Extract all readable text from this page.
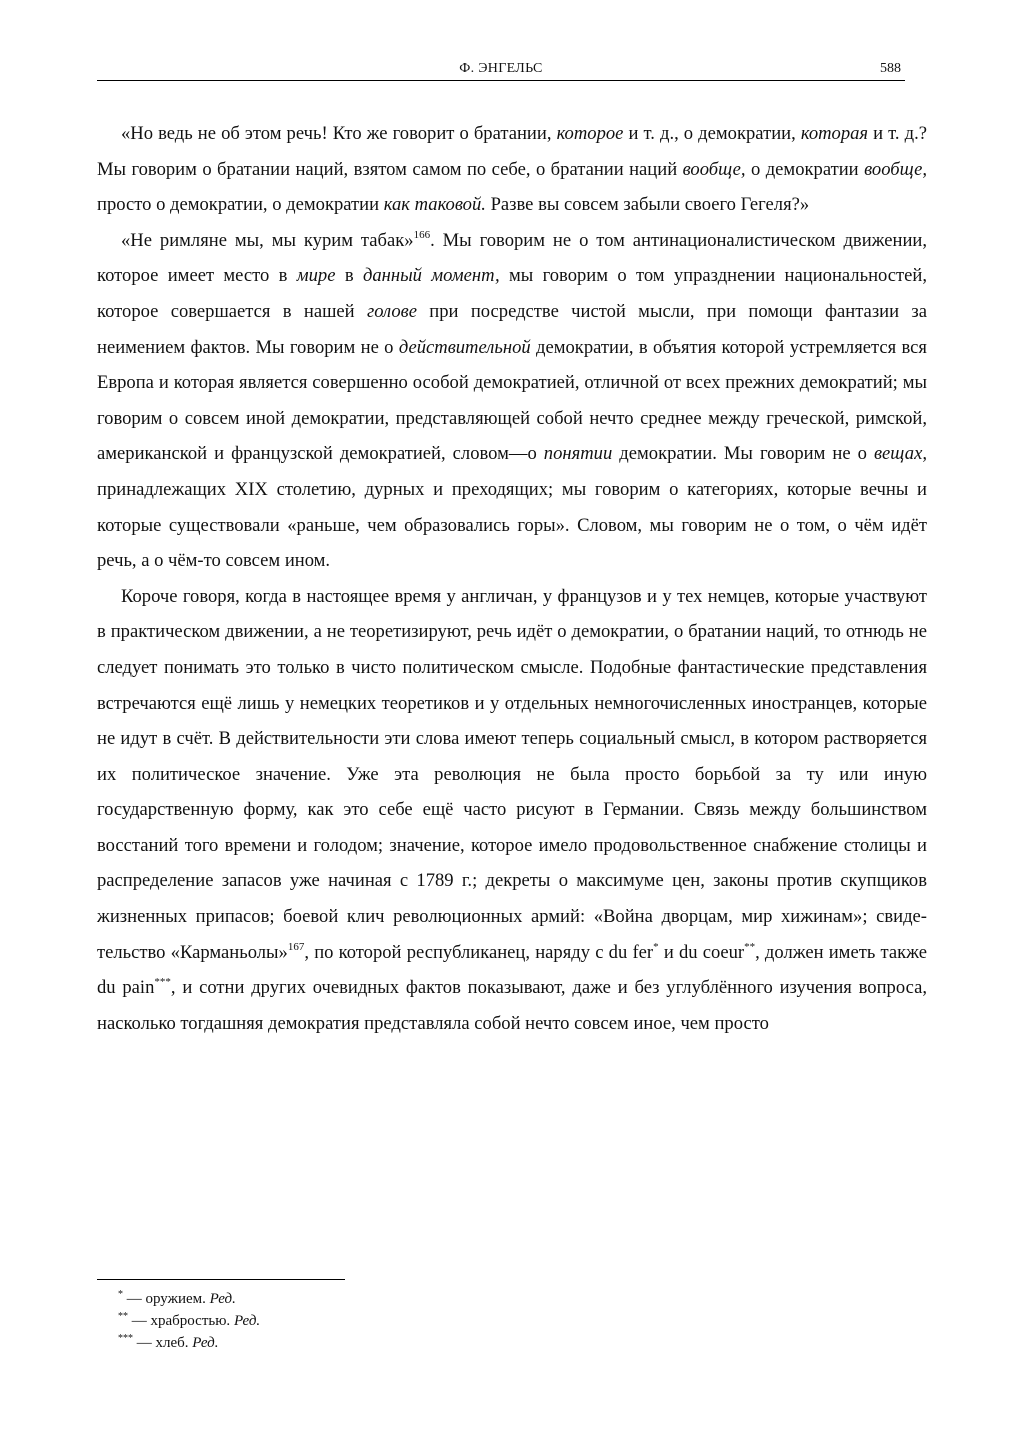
Ф. ЭНГЕЛЬС	588

«Но ведь не об этом речь! Кто же говорит о братании, которое и т. д., о демократии, которая и т. д.? Мы говорим о братании наций, взятом самом по себе, о братании наций вообще, о демократии вообще, просто о демократии, о демократии как таковой. Разве вы совсем забыли своего Гегеля?»

«Не римляне мы, мы курим табак»$^{166}$. Мы говорим не о том антинационалистическом движении, которое имеет место в мире в данный момент, мы говорим о том упразднении национальностей, которое совершается в нашей голове при посредстве чистой мысли, при помощи фантазии за неимением фактов. Мы говорим не о действительной демократии, в объятия которой устремляется вся Европа и которая является совершенно особой демократией, отличной от всех прежних демократий; мы говорим о совсем иной демократии, представляющей собой нечто среднее между греческой, римской, американской и французской демократией, словом—о понятии демократии. Мы говорим не о вещах, принадлежащих XIX столетию, дурных и преходящих; мы говорим о категориях, которые вечны и которые существовали «раньше, чем образовались горы». Словом, мы говорим не о том, о чём идёт речь, а о чём-то совсем ином.

Короче говоря, когда в настоящее время у англичан, у французов и у тех немцев, которые участвуют в практическом движении, а не теоретизируют, речь идёт о демократии, о братании наций, то отнюдь не следует понимать это только в чисто политическом смысле. Подобные фантастические представления встречаются ещё лишь у немецких теоретиков и у отдельных немногочисленных иностранцев, которые не идут в счёт. В действительности эти слова имеют теперь социальный смысл, в котором растворяется их политическое значение. Уже эта революция не была просто борьбой за ту или иную государственную форму, как это себе ещё часто рисуют в Германии. Связь между большинством восстаний того времени и голодом; значение, которое имело продовольственное снабжение столицы и распределение запасов уже начиная с 1789 г.; декреты о максимуме цен, законы против скупщиков жизненных припасов; боевой клич революционных армий: «Война дворцам, мир хижинам»; свидетельство «Карманьолы»$^{167}$, по которой республиканец, наряду с du fer* и du coeur**, должен иметь также du pain***, и сотни других очевидных фактов показывают, даже и без углублённого изучения вопроса, насколько тогдашняя демократия представляла собой нечто совсем иное, чем просто

* — оружием. Ред.
** — храбростью. Ред.
*** — хлеб. Ред.
